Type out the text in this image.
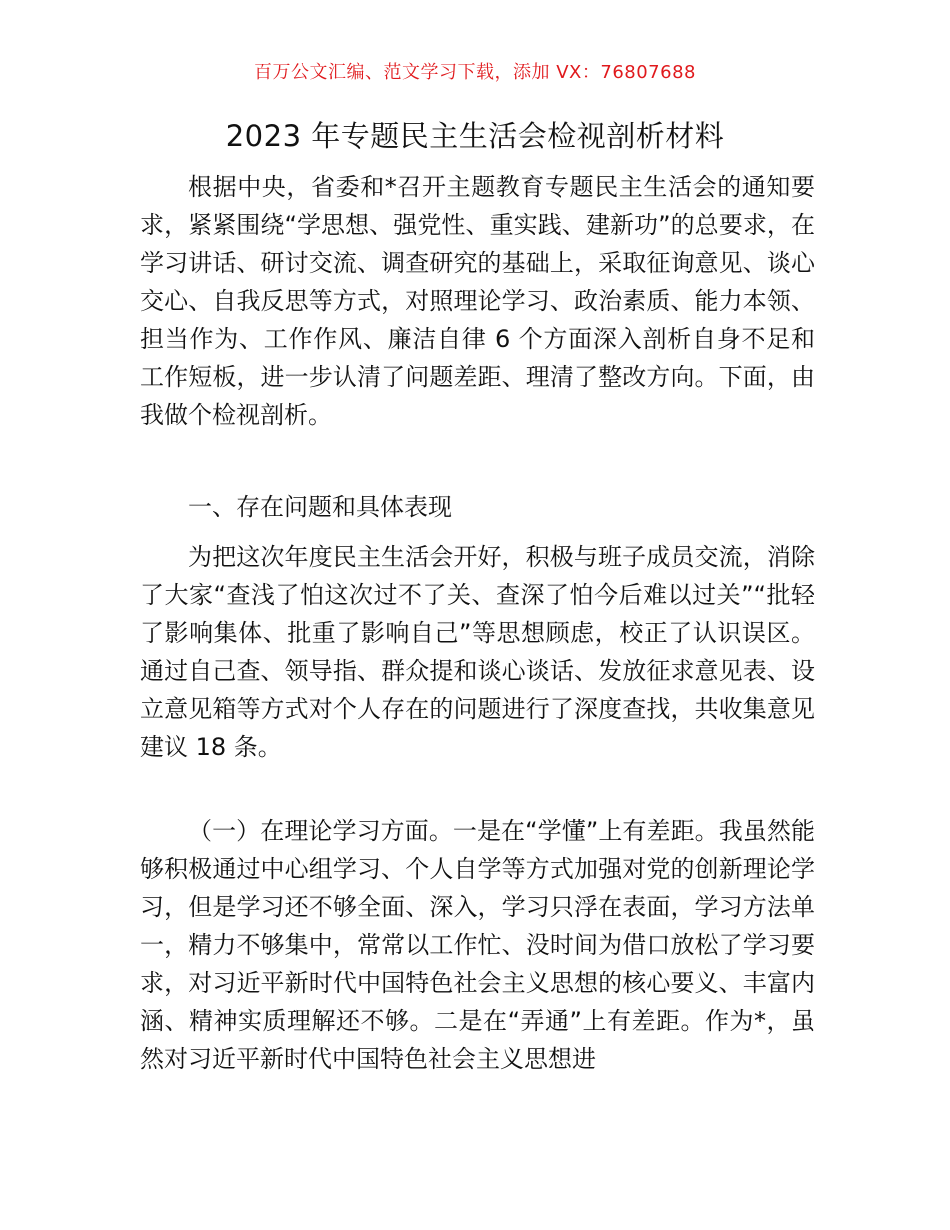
百万公文汇编、范文学习下载，添加 VX：76807688
2023 年专题民主生活会检视剖析材料

根据中央，省委和*召开主题教育专题民主生活会的通知要求，紧紧围绕“学思想、强党性、重实践、建新功”的总要求，在学习讲话、研讨交流、调查研究的基础上，采取征询意见、谈心交心、自我反思等方式，对照理论学习、政治素质、能力本领、担当作为、工作作风、廉洁自律 6 个方面深入剖析自身不足和工作短板，进一步认清了问题差距、理清了整改方向。下面，由我做个检视剖析。

一、存在问题和具体表现

为把这次年度民主生活会开好，积极与班子成员交流，消除了大家“查浅了怕这次过不了关、查深了怕今后难以过关”“批轻了影响集体、批重了影响自己”等思想顾虑，校正了认识误区。通过自己查、领导指、群众提和谈心谈话、发放征求意见表、设立意见箱等方式对个人存在的问题进行了深度查找，共收集意见建议 18 条。

（一）在理论学习方面。一是在“学懂”上有差距。我虽然能够积极通过中心组学习、个人自学等方式加强对党的创新理论学习，但是学习还不够全面、深入，学习只浮在表面，学习方法单一，精力不够集中，常常以工作忙、没时间为借口放松了学习要求，对习近平新时代中国特色社会主义思想的核心要义、丰富内涵、精神实质理解还不够。二是在“弄通”上有差距。作为*，虽然对习近平新时代中国特色社会主义思想进
